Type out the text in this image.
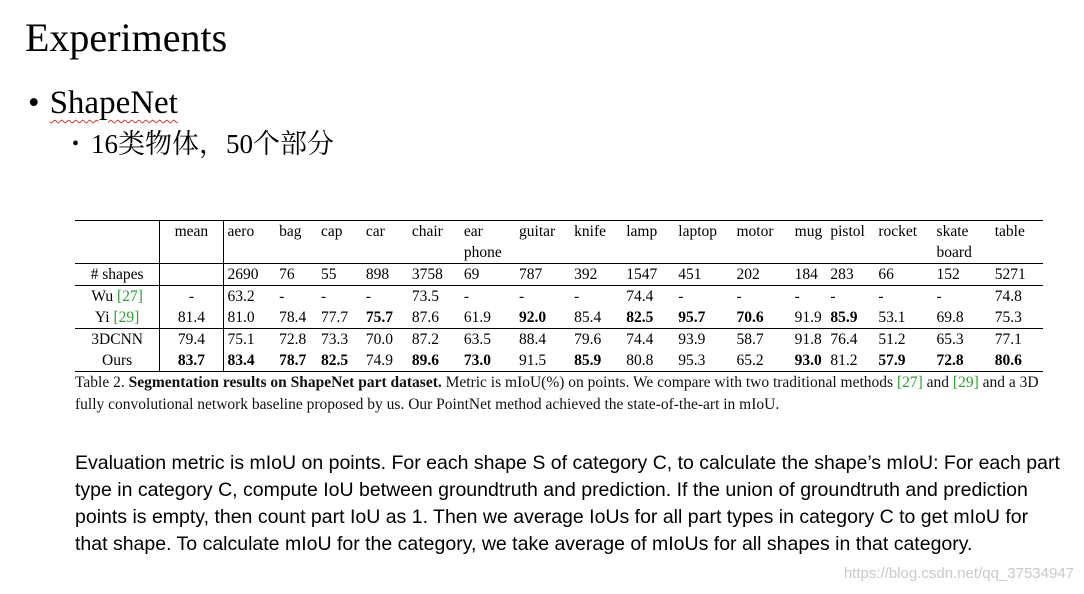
Experiments
• ShapeNet
• 16类物体，50个部分
	mean	aero	bag	cap	car	chair	ear	guitar	knife	lamp	laptop	motor	mug	pistol	rocket	skate	table
							phone									board	
# shapes		2690	76	55	898	3758	69	787	392	1547	451	202	184	283	66	152	5271
Wu [27]	-	63.2	-	-	-	73.5	-	-	-	74.4	-	-	-	-	-	-	74.8
Yi [29]	81.4	81.0	78.4	77.7	75.7	87.6	61.9	92.0	85.4	82.5	95.7	70.6	91.9	85.9	53.1	69.8	75.3
3DCNN	79.4	75.1	72.8	73.3	70.0	87.2	63.5	88.4	79.6	74.4	93.9	58.7	91.8	76.4	51.2	65.3	77.1
Ours	83.7	83.4	78.7	82.5	74.9	89.6	73.0	91.5	85.9	80.8	95.3	65.2	93.0	81.2	57.9	72.8	80.6
Table 2. Segmentation results on ShapeNet part dataset. Metric is mIoU(%) on points. We compare with two traditional methods [27] and [29] and a 3D fully convolutional network baseline proposed by us. Our PointNet method achieved the state-of-the-art in mIoU.
Evaluation metric is mIoU on points. For each shape S of category C, to calculate the shape’s mIoU: For each part type in category C, compute IoU between groundtruth and prediction. If the union of groundtruth and prediction points is empty, then count part IoU as 1. Then we average IoUs for all part types in category C to get mIoU for that shape. To calculate mIoU for the category, we take average of mIoUs for all shapes in that category.
https://blog.csdn.net/qq_37534947
